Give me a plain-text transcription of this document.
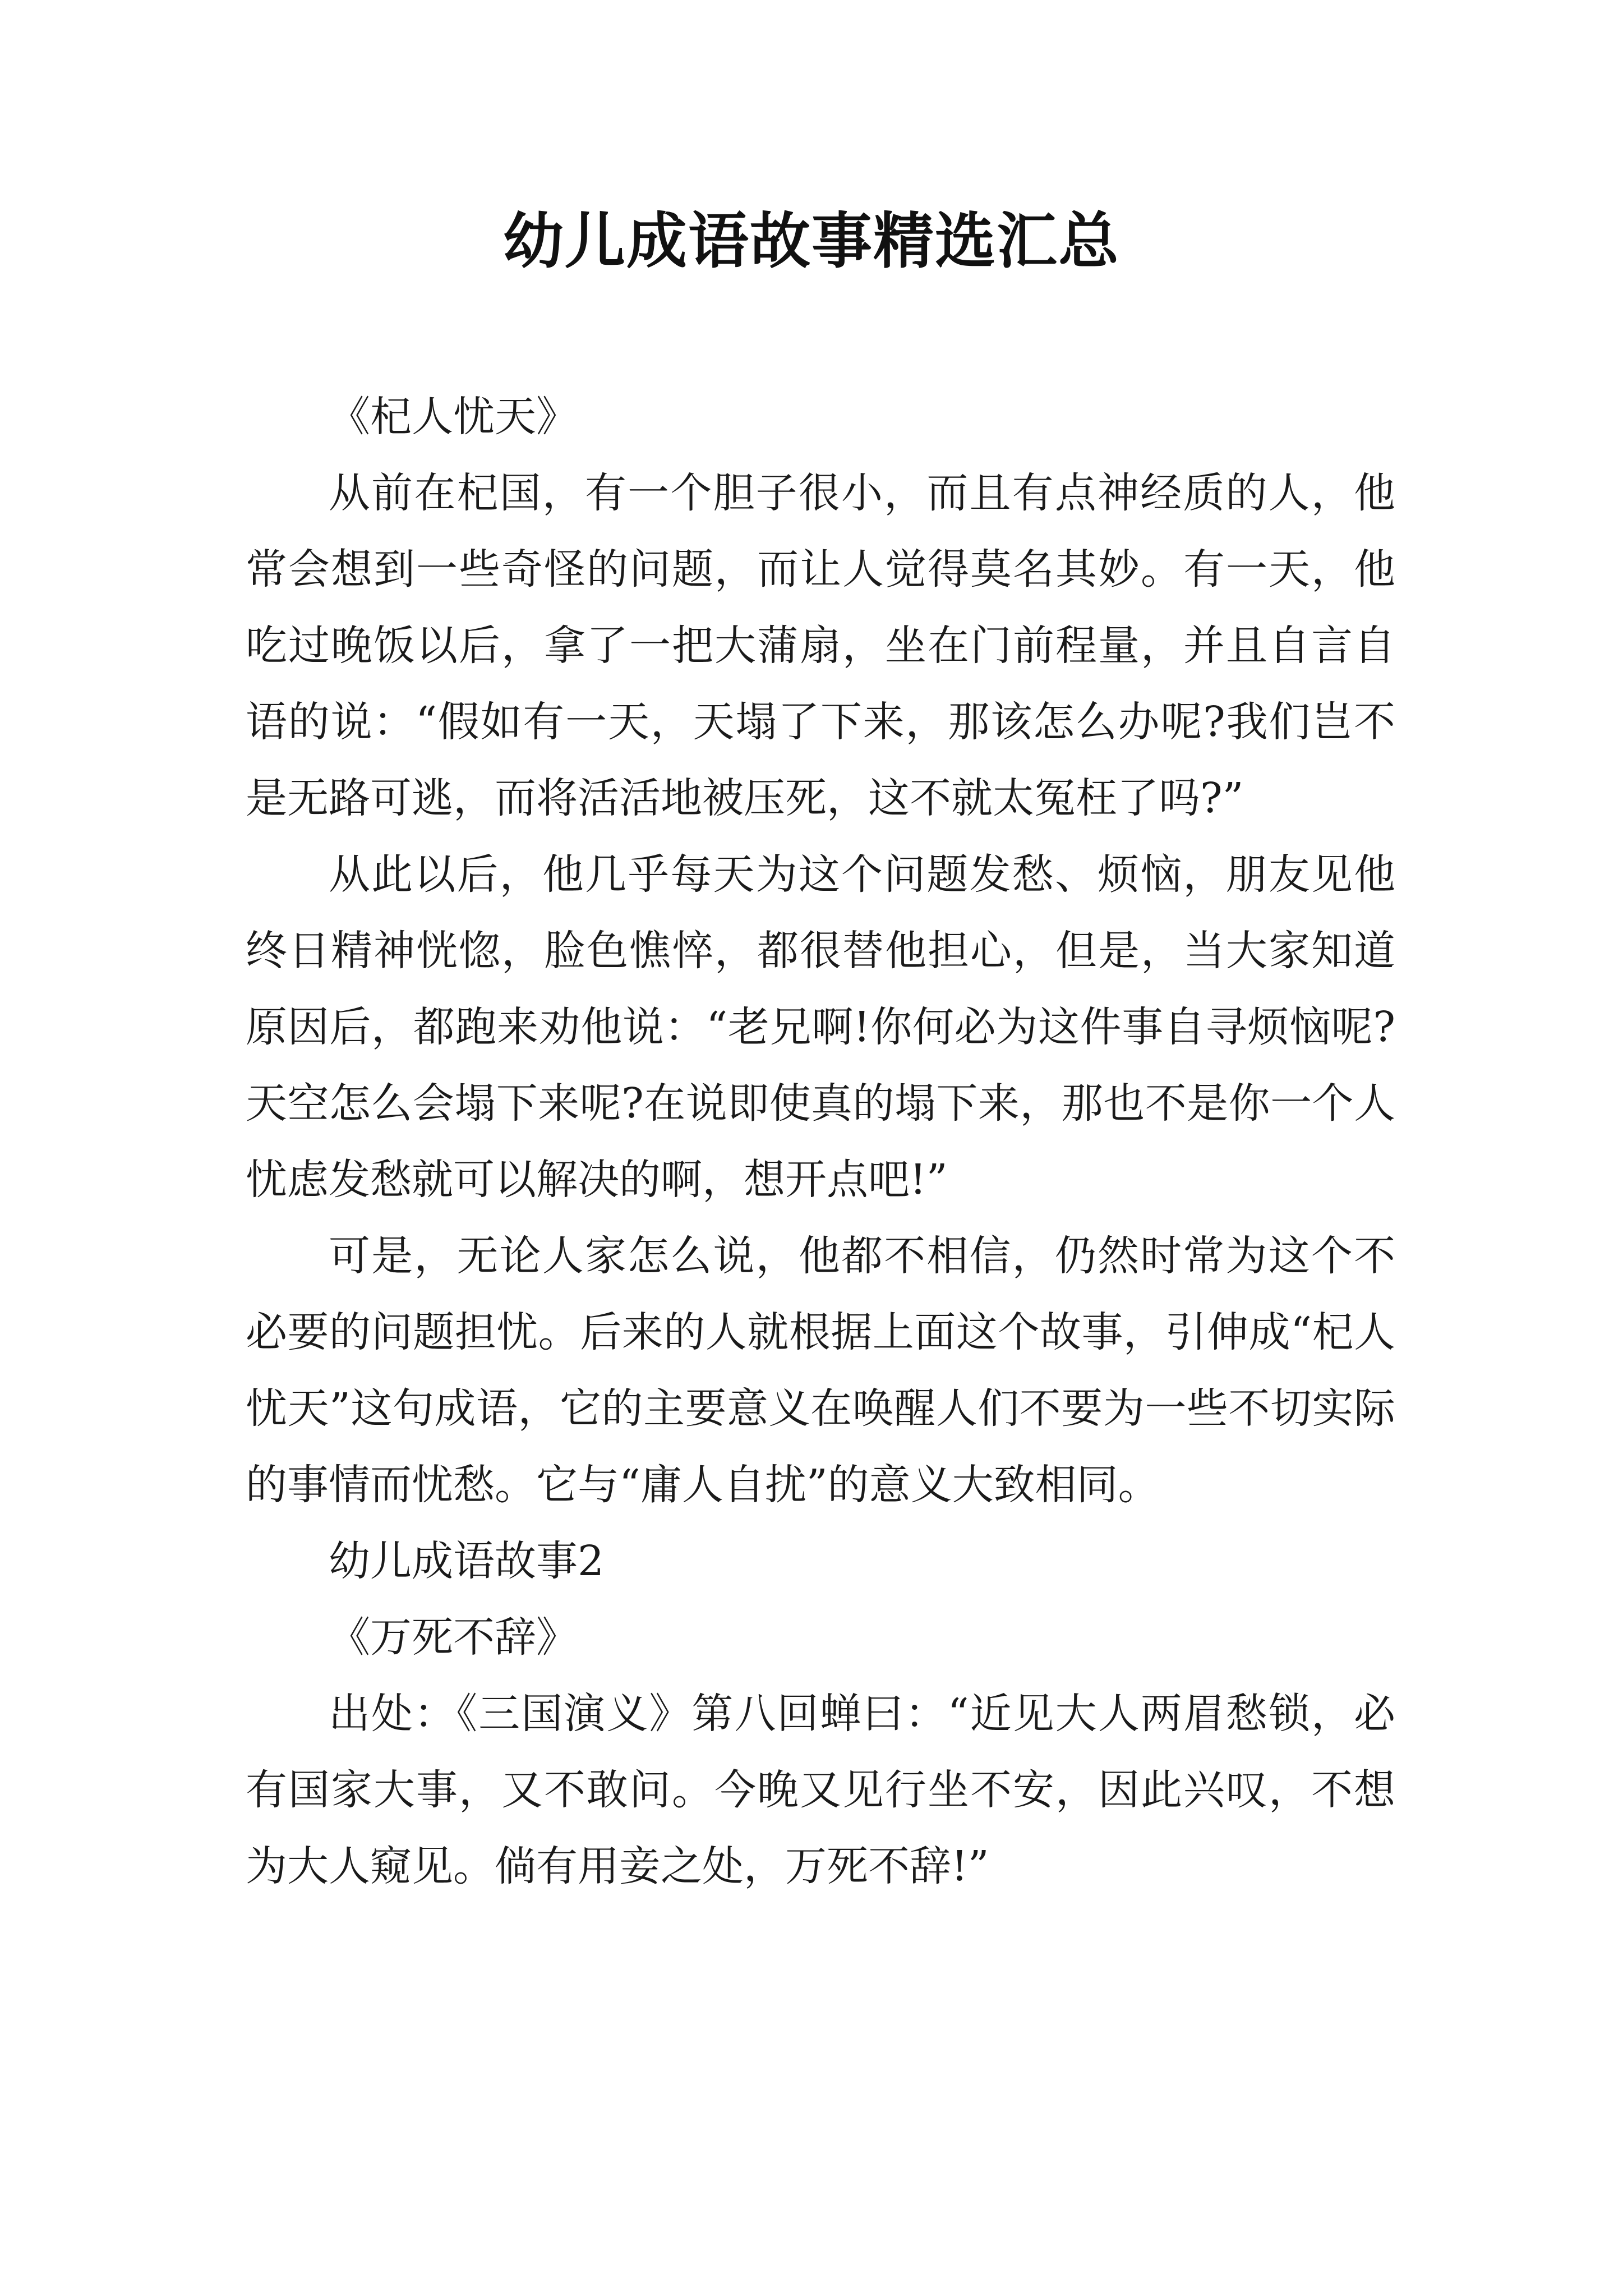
幼儿成语故事精选汇总

《杞人忧天》

从前在杞国，有一个胆子很小，而且有点神经质的人，他常会想到一些奇怪的问题，而让人觉得莫名其妙。有一天，他吃过晚饭以后，拿了一把大蒲扇，坐在门前程量，并且自言自语的说：“假如有一天，天塌了下来，那该怎么办呢?我们岂不是无路可逃，而将活活地被压死，这不就太冤枉了吗?”

从此以后，他几乎每天为这个问题发愁、烦恼，朋友见他终日精神恍惚，脸色憔悴，都很替他担心，但是，当大家知道原因后，都跑来劝他说：“老兄啊!你何必为这件事自寻烦恼呢?天空怎么会塌下来呢?在说即使真的塌下来，那也不是你一个人忧虑发愁就可以解决的啊，想开点吧!”

可是，无论人家怎么说，他都不相信，仍然时常为这个不必要的问题担忧。后来的人就根据上面这个故事，引伸成“杞人忧天”这句成语，它的主要意义在唤醒人们不要为一些不切实际的事情而忧愁。它与“庸人自扰”的意义大致相同。

幼儿成语故事2

《万死不辞》

出处：《三国演义》第八回蝉曰：“近见大人两眉愁锁，必有国家大事，又不敢问。今晚又见行坐不安，因此兴叹，不想为大人窥见。倘有用妾之处，万死不辞!”
